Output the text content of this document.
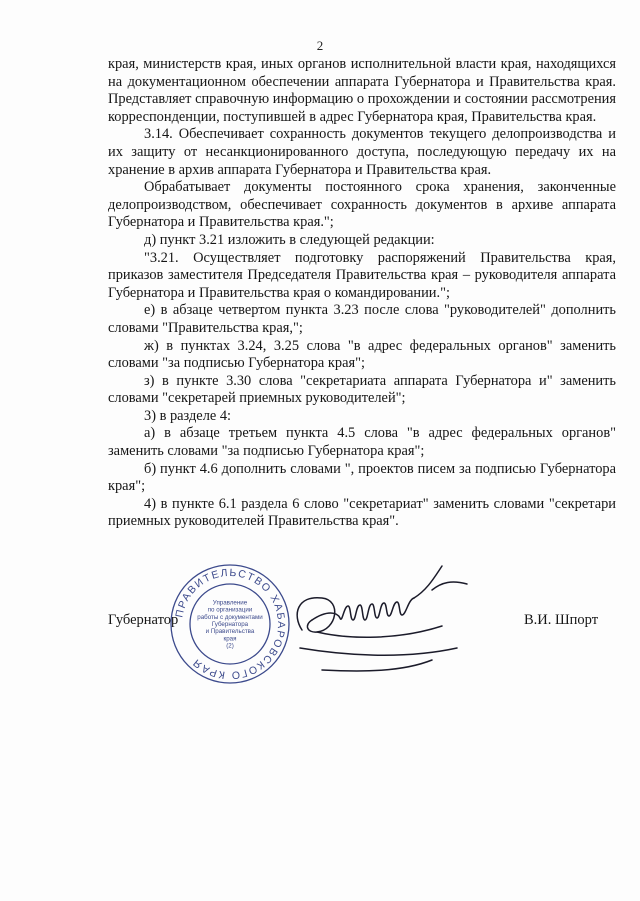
2

края, министерств края, иных органов исполнительной власти края, находящихся на документационном обеспечении аппарата Губернатора и Правительства края. Представляет справочную информацию о прохождении и состоянии рассмотрения корреспонденции, поступившей в адрес Губернатора края, Правительства края.

3.14. Обеспечивает сохранность документов текущего делопроизводства и их защиту от несанкционированного доступа, последующую передачу их на хранение в архив аппарата Губернатора и Правительства края.

Обрабатывает документы постоянного срока хранения, законченные делопроизводством, обеспечивает сохранность документов в архиве аппарата Губернатора и Правительства края.";

д) пункт 3.21 изложить в следующей редакции:

"3.21. Осуществляет подготовку распоряжений Правительства края, приказов заместителя Председателя Правительства края – руководителя аппарата Губернатора и Правительства края о командировании.";

е) в абзаце четвертом пункта 3.23 после слова "руководителей" дополнить словами "Правительства края,";

ж) в пунктах 3.24, 3.25 слова "в адрес федеральных органов" заменить словами "за подписью Губернатора края";

з) в пункте 3.30 слова "секретариата аппарата Губернатора и" заменить словами "секретарей приемных руководителей";

3) в разделе 4:

а) в абзаце третьем пункта 4.5 слова "в адрес федеральных органов" заменить словами "за подписью Губернатора края";

б) пункт 4.6 дополнить словами ", проектов писем за подписью Губернатора края";

4) в пункте 6.1 раздела 6 слово "секретариат" заменить словами "секретари приемных руководителей Правительства края".

Губернатор	В.И. Шпорт
ПРАВИТЕЛЬСТВО ХАБАРОВСКОГО КРАЯ
Управление
по организации
работы с документами
Губернатора
и Правительства
края
(2)
